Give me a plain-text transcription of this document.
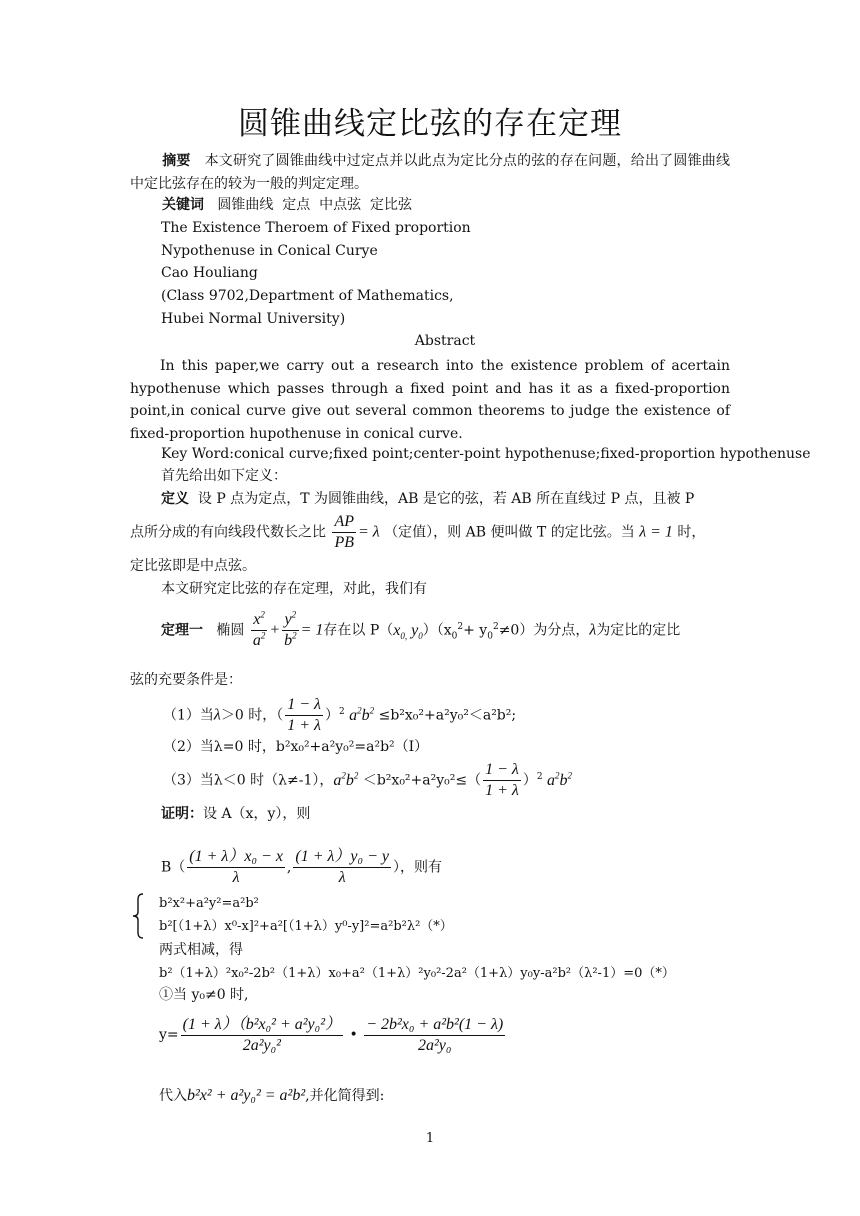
圆锥曲线定比弦的存在定理
摘要 本文研究了圆锥曲线中过定点并以此点为定比分点的弦的存在问题，给出了圆锥曲线中定比弦存在的较为一般的判定定理。
关键词 圆锥曲线  定点  中点弦  定比弦
The Existence Theroem of Fixed proportion
Nypothenuse in Conical Curye
Cao Houliang
(Class 9702,Department of Mathematics,
Hubei Normal University)
Abstract
In this paper,we carry out a research into the existence problem of acertain hypothenuse which passes through a fixed point and has it as a fixed-proportion point,in conical curve give out several common theorems to judge the existence of fixed-proportion hupothenuse in conical curve.
Key Word:conical curve;fixed point;center-point hypothenuse;fixed-proportion hypothenuse
首先给出如下定义：
定义 设 P 点为定点，T 为圆锥曲线，AB 是它的弦，若 AB 所在直线过 P 点，且被 P
点所分成的有向线段代数长之比 $\frac{AP}{PB} = \lambda$ （定值），则 AB 便叫做 T 的定比弦。当 λ = 1 时，
定比弦即是中点弦。
本文研究定比弦的存在定理，对此，我们有
定理一 椭圆 $\frac{x^2}{a^2} + \frac{y^2}{b^2} = 1$存在以 $P(x_{0,}$ $y_0)(x_0^2+ y_0^2\ne 0)$为分点，λ为定比的定比
弦的充要条件是：
（1）当λ＞0 时，（ $\frac{1 - \lambda}{1 + \lambda} )^2$ $a^2b^2 \le b^2x_0^2+a^2y_0^2<a^2b^2$;
（2）当λ=0 时，b²x₀²+a²y₀²=a²b²（Ⅰ）
（3）当λ＜0 时（λ≠-1），$a^2b^2 <b^2x_0^2+a^2y_0^2\le( \frac{1 - \lambda}{1 + \lambda} )^2$ $a^2b^2$
证明：设 A（x，y），则
$B( \frac{\text{(1 + λ）x₀ − x}}{\lambda}$ , $\frac{\text{(1 + λ）y₀ − y}}{\lambda}$ ），则有
b²x²+a²y²=a²b²
b²[（1+λ）x⁰-x]²+a²[（1+λ）y⁰-y]²=a²b²λ²（*）
两式相减，得
b²（1+λ）²x₀²-2b²（1+λ）x₀+a²（1+λ）²y₀²-2a²（1+λ）y₀y-a²b²（λ²-1）=0（*）
①当 y₀≠0 时,
$y= \frac{\text{(1 + λ）（b²x₀² + a²y₀²）}}{\text{2a²y₀²}}$ • $\frac{\text{− 2b²x₀ + a²b²(1 − λ)}}{\text{2a²y₀}}$
代入b²x² + a²y₀² = a²b²,并化简得到:
1
